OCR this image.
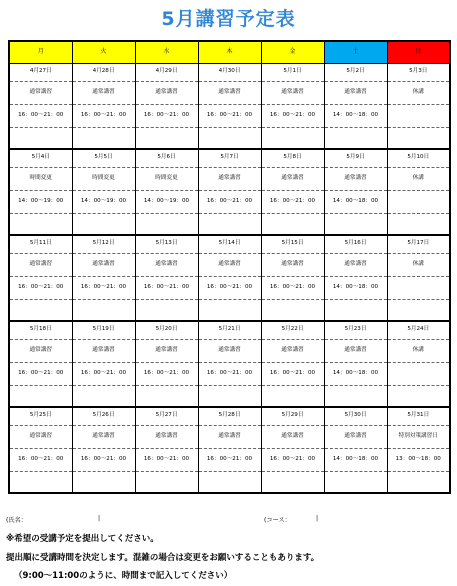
5月講習予定表
月	火	水	木	金	土	日
4月27日	4月28日	4月29日	4月30日	5月1日	5月2日	5月3日
通常講習	通常講習	通常講習	通常講習	通常講習	通常講習	休講
16：00～21：00	16：00～21：00	16：00～21：00	16：00～21：00	16：00～21：00	14：00～18：00	

5月4日	5月5日	5月6日	5月7日	5月8日	5月9日	5月10日
時間変更	時間変更	時間変更	通常講習	通常講習	通常講習	休講
14：00～19：00	14：00～19：00	14：00～19：00	16：00～21：00	16：00～21：00	14：00～18：00	

5月11日	5月12日	5月13日	5月14日	5月15日	5月16日	5月17日
通常講習	通常講習	通常講習	通常講習	通常講習	通常講習	休講
16：00～21：00	16：00～21：00	16：00～21：00	16：00～21：00	16：00～21：00	14：00～18：00	

5月18日	5月19日	5月20日	5月21日	5月22日	5月23日	5月24日
通常講習	通常講習	通常講習	通常講習	通常講習	通常講習	休講
16：00～21：00	16：00～21：00	16：00～21：00	16：00～21：00	16：00～21：00	14：00～18：00	

5月25日	5月26日	5月27日	5月28日	5月29日	5月30日	5月31日
通常講習	通常講習	通常講習	通常講習	通常講習	通常講習	特別対策講習日
16：00～21：00	16：00～21：00	16：00～21：00	16：00～21：00	16：00～21：00	14：00～18：00	13：00～18：00

(氏名：	|	(コース：	|
※希望の受講予定を提出してください。
提出順に受講時間を決定します。混雑の場合は変更をお願いすることもあります。
（9:00～11:00のように、時間まで記入してください）
